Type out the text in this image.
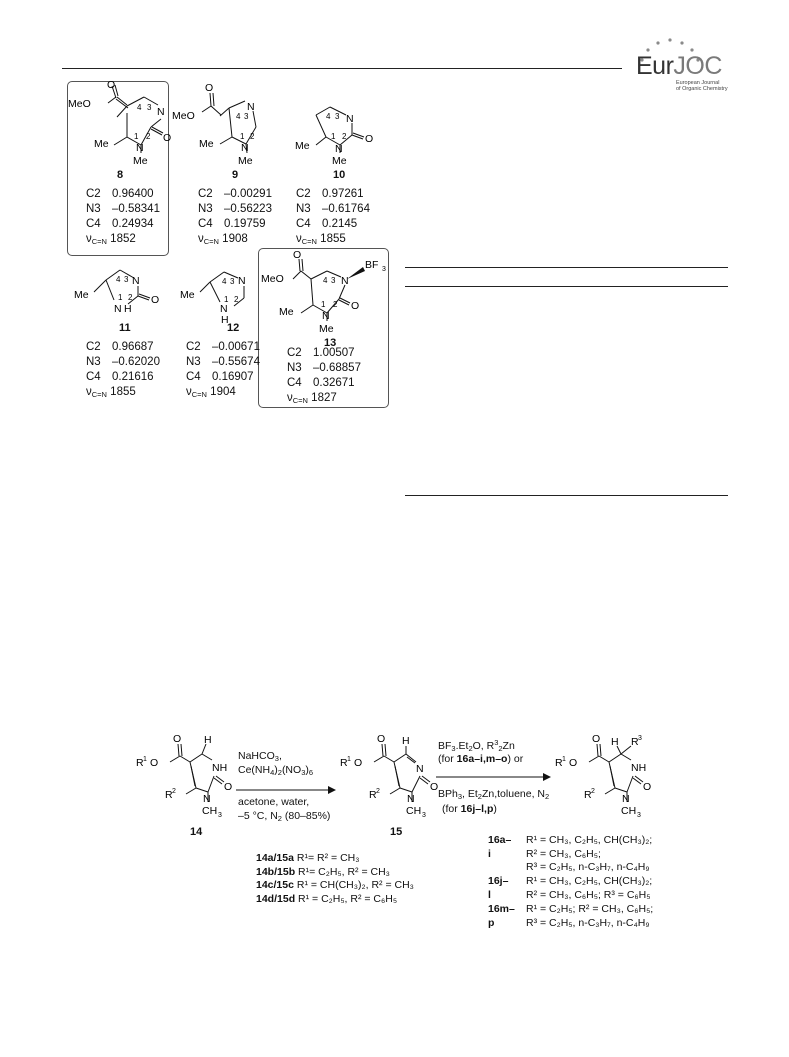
EurJOC
European Journal
of Organic Chemistry
MeO
O
N
4 3
1 2 O
N
Me
Me
O
MeO
N
4 3
1 2
Me	N
Me
N
4 3
1 2 O
Me N
Me
N
4 3
1 2 O
Me
N H
N
4 3
1 2
Me
N
H
O
MeO	N
BF 3
4 3
1 2 O
Me	N
Me
8	9	10
11	12
13
C2 0.96400
N3 –0.58341
C4 0.24934
$\nu_{C=N}$ 1852
C2 –0.00291
N3 –0.56223
C4 0.19759
$\nu_{C=N}$ 1908
C2 0.97261
N3 –0.61764
C4 0.2145
$\nu_{C=N}$ 1855
C2 0.96687
N3 –0.62020
C4 0.21616
$\nu_{C=N}$ 1855
C2 –0.00671
N3 –0.55674
C4 0.16907
$\nu_{C=N}$ 1904
C2 1.00507
N3 –0.68857
C4 0.32671
$\nu_{C=N}$ 1827
O
R 1 O
H
NH
O
R 2
N
CH 3
14
NaHCO$_3$,
$Ce(NH_4)_2(NO_3)_6$
acetone, water,
–5 °C, $N_2$ (80–85%)
O
R 1 O
H
N
O
R 2
N
CH 3
15
$BF_3.Et_2O$, $R^3_2Zn$
(for 16a–i,m–o) or
BPh$_3$, $Et_2Zn,toluene$, $N_2$
(for 16j–l,p)
O
R 1 O
H R 3
NH
O
R 2
N
CH 3
14a/15a R¹= R² = CH₃
14b/15b R¹= C₂H₅, R² = CH₃
14c/15c R¹ = CH(CH₃)₂, R² = CH₃
14d/15d R¹ = C₂H₅, R² = C₆H₅
16a–i
R¹ = CH₃, C₂H₅, CH(CH₃)₂;
R² = CH₃, C₆H₅;
R³ = C₂H₅, n-C₃H₇, n-C₄H₉
16j–l
R¹ = CH₃, C₂H₅, CH(CH₃)₂;
R² = CH₃, C₆H₅; R³ = C₆H₅
16m–p
R¹ = C₂H₅; R² = CH₃, C₆H₅;
R³ = C₂H₅, n-C₃H₇, n-C₄H₉
